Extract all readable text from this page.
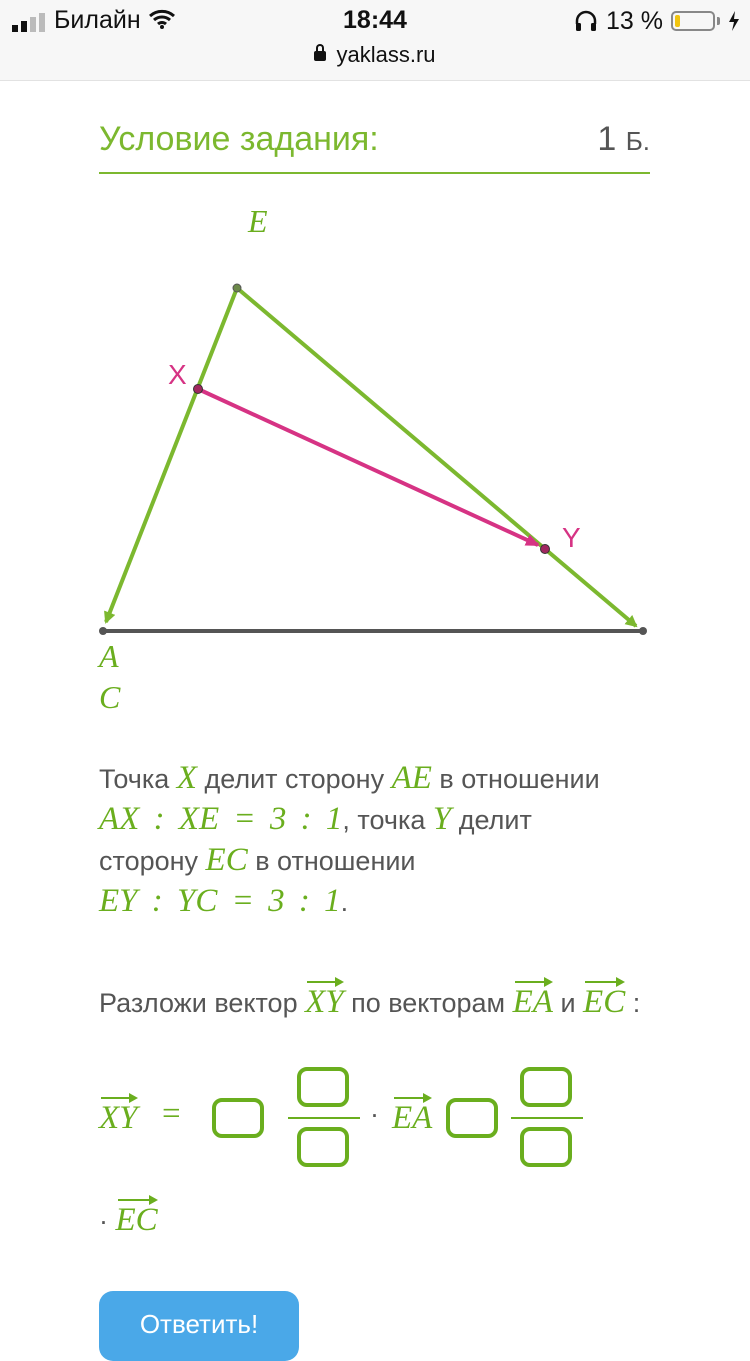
Билайн	18:44	13 %
yaklass.ru
Условие задания:	1 Б.
E
X
Y
A
C
Точка X делит сторону AE в отношении
AX : XE = 3 : 1, точка Y делит
сторону EC в отношении
EY : YC = 3 : 1.
Разложи вектор XY по векторам EA и EC :
XY =	· EA
· EC
Ответить!
